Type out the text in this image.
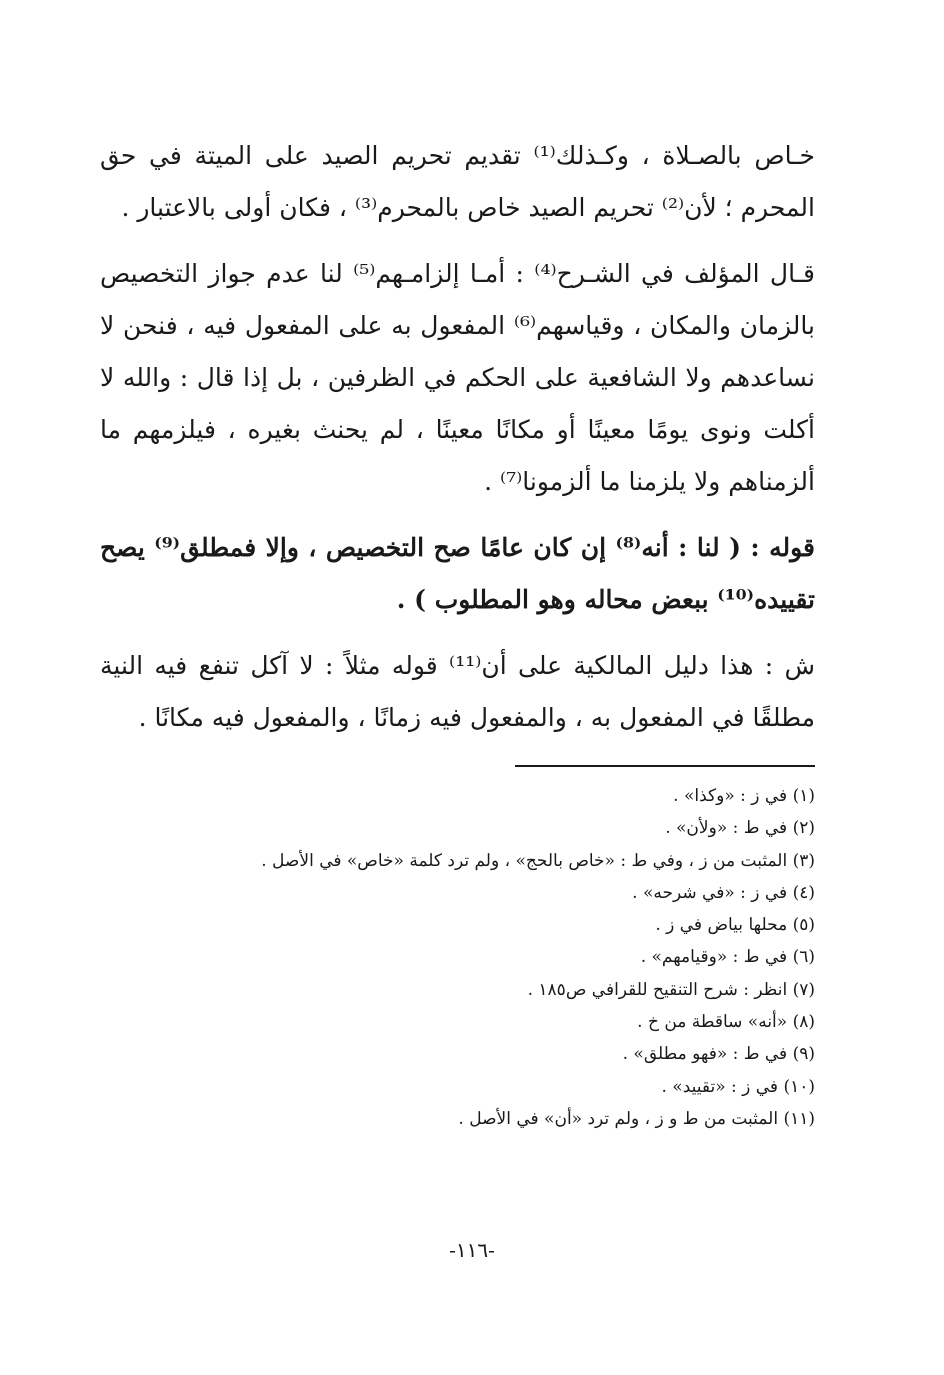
خـاص بالصـلاة ، وكـذلك⁽¹⁾ تقديم تحريم الصيد على الميتة في حق المحرم ؛ لأن⁽²⁾ تحريم الصيد خاص بالمحرم⁽³⁾ ، فكان أولى بالاعتبار .

قـال المؤلف في الشـرح⁽⁴⁾ : أمـا إلزامـهم⁽⁵⁾ لنا عدم جواز التخصيص بالزمان والمكان ، وقياسهم⁽⁶⁾ المفعول به على المفعول فيه ، فنحن لا نساعدهم ولا الشافعية على الحكم في الظرفين ، بل إذا قال : والله لا أكلت ونوى يومًا معينًا أو مكانًا معينًا ، لم يحنث بغيره ، فيلزمهم ما ألزمناهم ولا يلزمنا ما ألزمونا⁽⁷⁾ .

قوله : ( لنا : أنه⁽⁸⁾ إن كان عامًا صح التخصيص ، وإلا فمطلق⁽⁹⁾ يصح تقييده⁽¹⁰⁾ ببعض محاله وهو المطلوب ) .

ش : هذا دليل المالكية على أن⁽¹¹⁾ قوله مثلاً : لا آكل تنفع فيه النية مطلقًا في المفعول به ، والمفعول فيه زمانًا ، والمفعول فيه مكانًا .

(١) في ز : «وكذا» .
(٢) في ط : «ولأن» .
(٣) المثبت من ز ، وفي ط : «خاص بالحج» ، ولم ترد كلمة «خاص» في الأصل .
(٤) في ز : «في شرحه» .
(٥) محلها بياض في ز .
(٦) في ط : «وقيامهم» .
(٧) انظر : شرح التنقيح للقرافي ص١٨٥ .
(٨) «أنه» ساقطة من خ .
(٩) في ط : «فهو مطلق» .
(١٠) في ز : «تقييد» .
(١١) المثبت من ط و ز ، ولم ترد «أن» في الأصل .
-١١٦-
